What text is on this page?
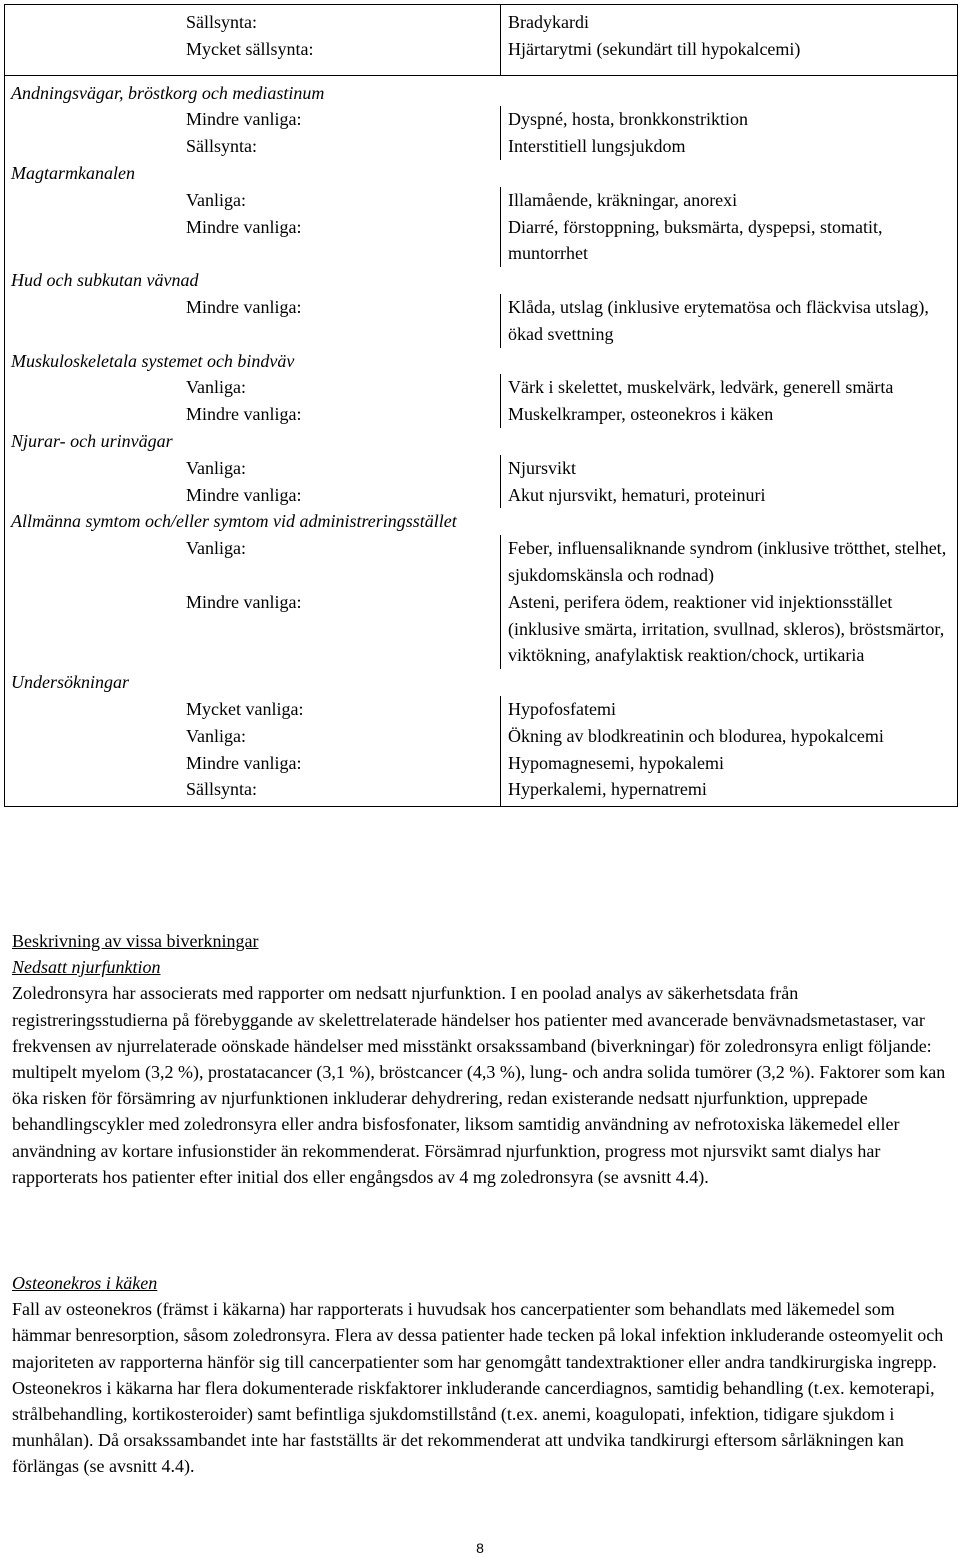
Sällsynta:	Bradykardi
Mycket sällsynta:	Hjärtarytmi (sekundärt till hypokalcemi)
Andningsvägar, bröstkorg och mediastinum	
Mindre vanliga:	Dyspné, hosta, bronkkonstriktion
Sällsynta:	Interstitiell lungsjukdom
Magtarmkanalen	
Vanliga:	Illamående, kräkningar, anorexi
Mindre vanliga:	Diarré, förstoppning, buksmärta, dyspepsi, stomatit, muntorrhet
Hud och subkutan vävnad	
Mindre vanliga:	Klåda, utslag (inklusive erytematösa och fläckvisa utslag), ökad svettning
Muskuloskeletala systemet och bindväv	
Vanliga:	Värk i skelettet, muskelvärk, ledvärk, generell smärta
Mindre vanliga:	Muskelkramper, osteonekros i käken
Njurar- och urinvägar	
Vanliga:	Njursvikt
Mindre vanliga:	Akut njursvikt, hematuri, proteinuri
Allmänna symtom och/eller symtom vid administreringsstället	
Vanliga:	Feber, influensaliknande syndrom (inklusive trötthet, stelhet, sjukdomskänsla och rodnad)
Mindre vanliga:	Asteni, perifera ödem, reaktioner vid injektionsstället (inklusive smärta, irritation, svullnad, skleros), bröstsmärtor, viktökning, anafylaktisk reaktion/chock, urtikaria
Undersökningar	
Mycket vanliga:	Hypofosfatemi
Vanliga:	Ökning av blodkreatinin och blodurea, hypokalcemi
Mindre vanliga:	Hypomagnesemi, hypokalemi
Sällsynta:	Hyperkalemi, hypernatremi

Beskrivning av vissa biverkningar

Nedsatt njurfunktion

Zoledronsyra har associerats med rapporter om nedsatt njurfunktion. I en poolad analys av säkerhetsdata från registreringsstudierna på förebyggande av skelettrelaterade händelser hos patienter med avancerade benvävnadsmetastaser, var frekvensen av njurrelaterade oönskade händelser med misstänkt orsakssamband (biverkningar) för zoledronsyra enligt följande: multipelt myelom (3,2 %), prostatacancer (3,1 %), bröstcancer (4,3 %), lung- och andra solida tumörer (3,2 %). Faktorer som kan öka risken för försämring av njurfunktionen inkluderar dehydrering, redan existerande nedsatt njurfunktion, upprepade behandlingscykler med zoledronsyra eller andra bisfosfonater, liksom samtidig användning av nefrotoxiska läkemedel eller användning av kortare infusionstider än rekommenderat. Försämrad njurfunktion, progress mot njursvikt samt dialys har rapporterats hos patienter efter initial dos eller engångsdos av 4 mg zoledronsyra (se avsnitt 4.4).

Osteonekros i käken

Fall av osteonekros (främst i käkarna) har rapporterats i huvudsak hos cancerpatienter som behandlats med läkemedel som hämmar benresorption, såsom zoledronsyra. Flera av dessa patienter hade tecken på lokal infektion inkluderande osteomyelit och majoriteten av rapporterna hänför sig till cancerpatienter som har genomgått tandextraktioner eller andra tandkirurgiska ingrepp. Osteonekros i käkarna har flera dokumenterade riskfaktorer inkluderande cancerdiagnos, samtidig behandling (t.ex. kemoterapi, strålbehandling, kortikosteroider) samt befintliga sjukdomstillstånd (t.ex. anemi, koagulopati, infektion, tidigare sjukdom i munhålan). Då orsakssambandet inte har fastställts är det rekommenderat att undvika tandkirurgi eftersom sårläkningen kan förlängas (se avsnitt 4.4).

8
